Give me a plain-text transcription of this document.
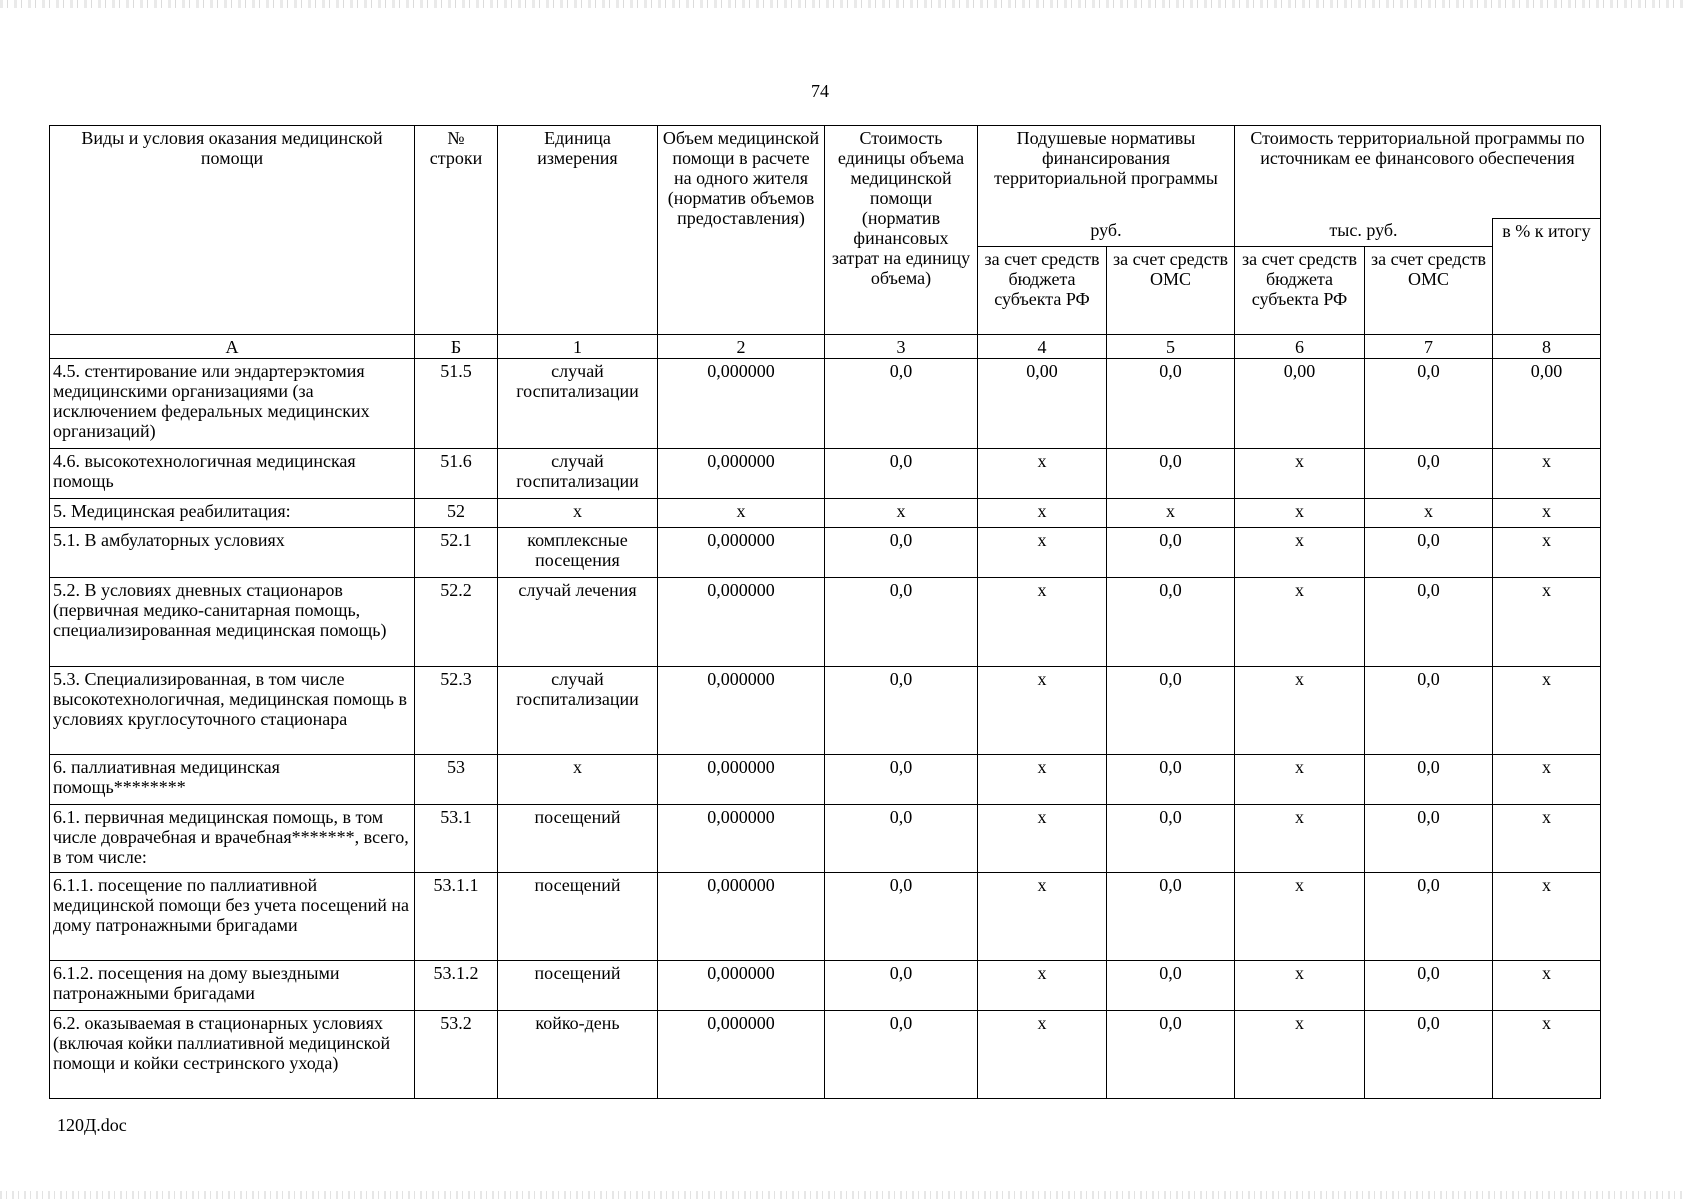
74
Виды и условия оказания медицинской помощи	№ строки	Единица измерения	Объем медицинской помощи в расчете на одного жителя (норматив объемов предоставления)	Стоимость единицы объема медицинской помощи (норматив финансовых затрат на единицу объема)	Подушевые нормативы финансирования территориальной программы		Стоимость территориальной программы по источникам ее финансового обеспечения		
					руб.		тыс. руб.		в % к итогу
					за счет средств бюджета субъекта РФ	за счет средств ОМС	за счет средств бюджета субъекта РФ	за счет средств ОМС	
А	Б	1	2	3	4	5	6	7	8
4.5. стентирование или эндартерэктомия медицинскими организациями (за исключением федеральных медицинских организаций)	51.5	случай госпитализации	0,000000	0,0	0,00	0,0	0,00	0,0	0,00
4.6. высокотехнологичная медицинская помощь	51.6	случай госпитализации	0,000000	0,0	х	0,0	х	0,0	х
5. Медицинская реабилитация:	52	х	х	х	х	х	х	х	х
5.1. В амбулаторных условиях	52.1	комплексные посещения	0,000000	0,0	х	0,0	х	0,0	х
5.2. В условиях дневных стационаров (первичная медико-санитарная помощь, специализированная медицинская помощь)	52.2	случай лечения	0,000000	0,0	х	0,0	х	0,0	х
5.3. Специализированная, в том числе высокотехнологичная, медицинская помощь в условиях круглосуточного стационара	52.3	случай госпитализации	0,000000	0,0	х	0,0	х	0,0	х
6. паллиативная медицинская помощь********	53	х	0,000000	0,0	х	0,0	х	0,0	х
6.1. первичная медицинская помощь, в том числе доврачебная и врачебная*******, всего, в том числе:	53.1	посещений	0,000000	0,0	х	0,0	х	0,0	х
6.1.1. посещение по паллиативной медицинской помощи без учета посещений на дому патронажными бригадами	53.1.1	посещений	0,000000	0,0	х	0,0	х	0,0	х
6.1.2. посещения на дому выездными патронажными бригадами	53.1.2	посещений	0,000000	0,0	х	0,0	х	0,0	х
6.2. оказываемая в стационарных условиях (включая койки паллиативной медицинской помощи и койки сестринского ухода)	53.2	койко-день	0,000000	0,0	х	0,0	х	0,0	х
120Д.doc
